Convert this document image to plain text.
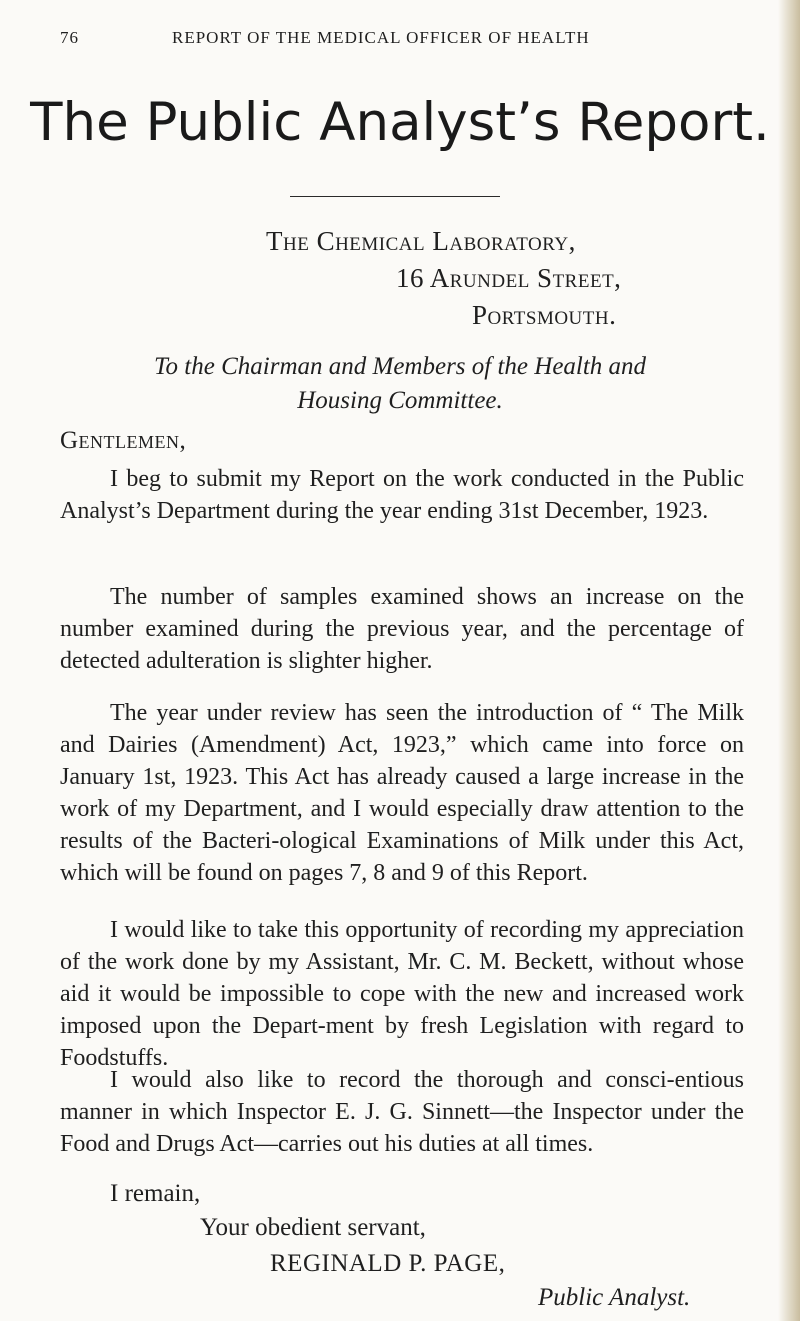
76	REPORT OF THE MEDICAL OFFICER OF HEALTH
The Public Analyst’s Report.
The Chemical Laboratory,
16 Arundel Street,
Portsmouth.
To the Chairman and Members of the Health and
Housing Committee.
Gentlemen,

I beg to submit my Report on the work conducted in the Public Analyst’s Department during the year ending 31st December, 1923.

The number of samples examined shows an increase on the number examined during the previous year, and the percentage of detected adulteration is slighter higher.

The year under review has seen the introduction of “ The Milk and Dairies (Amendment) Act, 1923,” which came into force on January 1st, 1923. This Act has already caused a large increase in the work of my Department, and I would especially draw attention to the results of the Bacteri-ological Examinations of Milk under this Act, which will be found on pages 7, 8 and 9 of this Report.

I would like to take this opportunity of recording my appreciation of the work done by my Assistant, Mr. C. M. Beckett, without whose aid it would be impossible to cope with the new and increased work imposed upon the Depart-ment by fresh Legislation with regard to Foodstuffs.

I would also like to record the thorough and consci-entious manner in which Inspector E. J. G. Sinnett—the Inspector under the Food and Drugs Act—carries out his duties at all times.

I remain,
Your obedient servant,
REGINALD P. PAGE,
Public Analyst.
